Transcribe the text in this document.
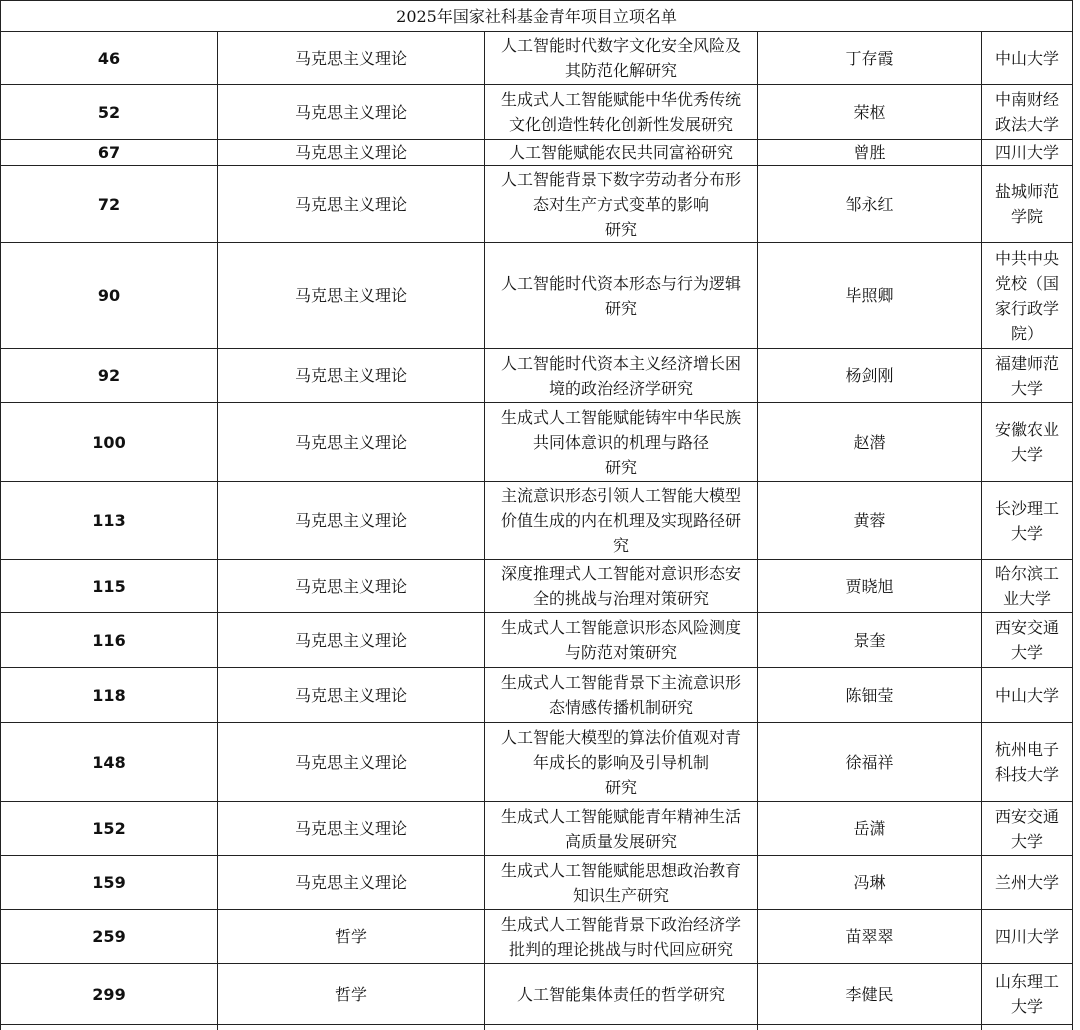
2025年国家社科基金青年项目立项名单				
46	马克思主义理论	人工智能时代数字文化安全风险及
其防范化解研究	丁存霞	中山大学

52	马克思主义理论	生成式人工智能赋能中华优秀传统
文化创造性转化创新性发展研究	荣枢	中南财经
政法大学

67	马克思主义理论	人工智能赋能农民共同富裕研究	曾胜	四川大学

72	马克思主义理论	人工智能背景下数字劳动者分布形
态对生产方式变革的影响
研究	邹永红	盐城师范
学院

90	马克思主义理论	人工智能时代资本形态与行为逻辑
研究	毕照卿	中共中央
党校（国
家行政学
院）

92	马克思主义理论	人工智能时代资本主义经济增长困
境的政治经济学研究	杨剑刚	福建师范
大学

100	马克思主义理论	生成式人工智能赋能铸牢中华民族
共同体意识的机理与路径
研究	赵潜	安徽农业
大学

113	马克思主义理论	主流意识形态引领人工智能大模型
价值生成的内在机理及实现路径研
究	黄蓉	长沙理工
大学

115	马克思主义理论	深度推理式人工智能对意识形态安
全的挑战与治理对策研究	贾晓旭	哈尔滨工
业大学

116	马克思主义理论	生成式人工智能意识形态风险测度
与防范对策研究	景奎	西安交通
大学

118	马克思主义理论	生成式人工智能背景下主流意识形
态情感传播机制研究	陈钿莹	中山大学

148	马克思主义理论	人工智能大模型的算法价值观对青
年成长的影响及引导机制
研究	徐福祥	杭州电子
科技大学

152	马克思主义理论	生成式人工智能赋能青年精神生活
高质量发展研究	岳潇	西安交通
大学

159	马克思主义理论	生成式人工智能赋能思想政治教育
知识生产研究	冯琳	兰州大学

259	哲学	生成式人工智能背景下政治经济学
批判的理论挑战与时代回应研究	苗翠翠	四川大学

299	哲学	人工智能集体责任的哲学研究	李健民	山东理工
大学
